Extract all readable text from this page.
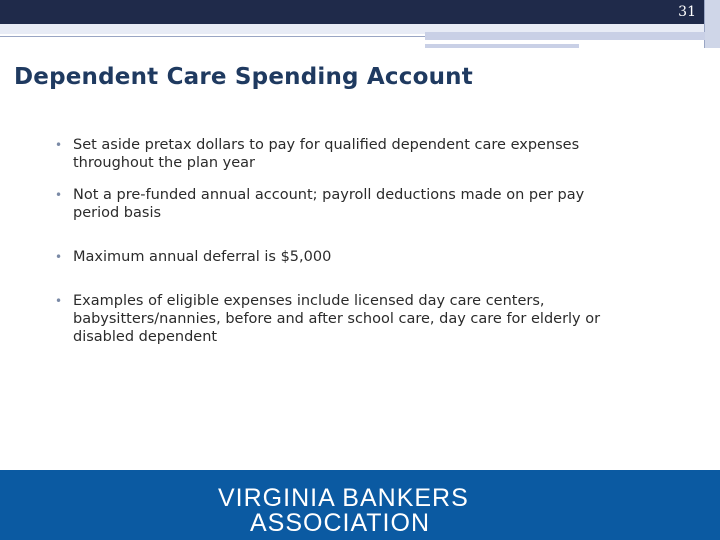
31
Dependent Care Spending Account
• Set aside pretax dollars to pay for qualified dependent care expenses throughout the plan year
• Not a pre-funded annual account; payroll deductions made on per pay period basis
• Maximum annual deferral is $5,000
• Examples of eligible expenses include licensed day care centers, babysitters/nannies, before and after school care, day care for elderly or disabled dependent
VIRGINIA BANKERS
ASSOCIATION
